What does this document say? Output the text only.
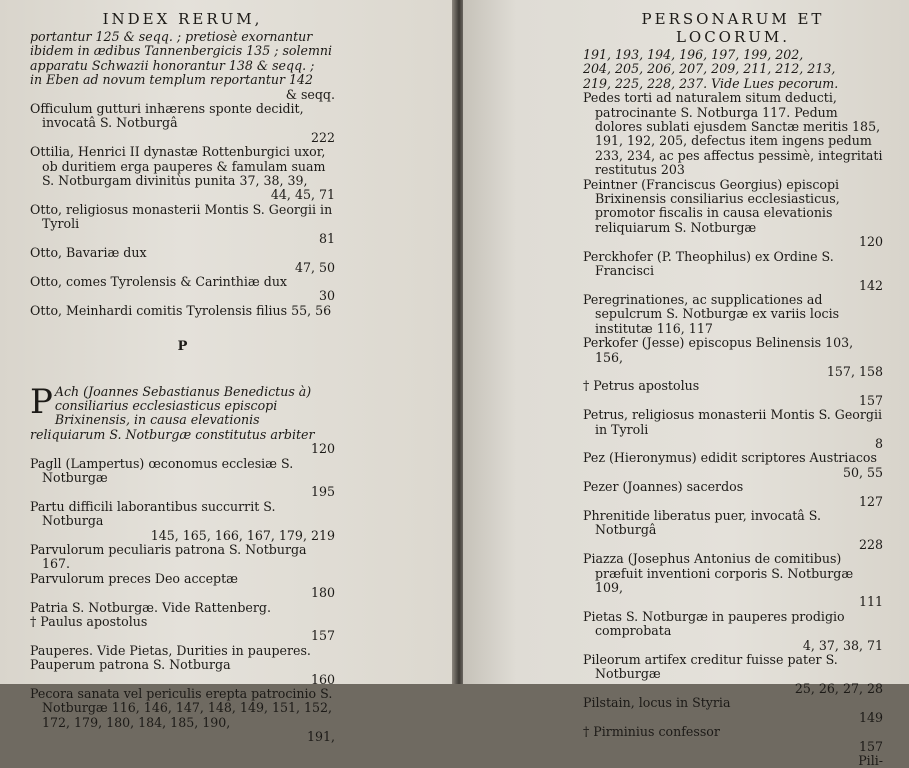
INDEX RERUM,
portantur 125 & seqq. ; pretiosè exornantur
ibidem in ædibus Tannenbergicis 135 ; solemni
apparatu Schwazii honorantur 138 & seqq. ;
in Eben ad novum templum reportantur 142
& seqq.
Officulum gutturi inhærens sponte decidit, invocatâ S. Notburgâ
222
Ottilia, Henrici II dynastæ Rottenburgici uxor, ob duritiem erga pauperes & famulam suam S. Notburgam divinitùs punita 37, 38, 39,
44, 45, 71
Otto, religiosus monasterii Montis S. Georgii in Tyroli
81
Otto, Bavariæ dux
47, 50
Otto, comes Tyrolensis & Carinthiæ dux
30
Otto, Meinhardi comitis Tyrolensis filius 55, 56
P
P Ach (Joannes Sebastianus Benedictus à) consiliarius ecclesiasticus episcopi Brixinensis, in causa elevationis reliquiarum S. Notburgæ constitutus arbiter
120
Pagll (Lampertus) œconomus ecclesiæ S. Notburgæ
195
Partu difficili laborantibus succurrit S. Notburga
145, 165, 166, 167, 179, 219
Parvulorum peculiaris patrona S. Notburga 167.
Parvulorum preces Deo acceptæ
180
Patria S. Notburgæ. Vide Rattenberg.
† Paulus apostolus
157
Pauperes. Vide Pietas, Durities in pauperes.
Pauperum patrona S. Notburga
160
Pecora sanata vel periculis erepta patrocinio S. Notburgæ 116, 146, 147, 148, 149, 151, 152, 172, 179, 180, 184, 185, 190,
191,
PERSONARUM ET LOCORUM.
191, 193, 194, 196, 197, 199, 202,
204, 205, 206, 207, 209, 211, 212, 213,
219, 225, 228, 237. Vide Lues pecorum.
Pedes torti ad naturalem situm deducti, patrocinante S. Notburga 117. Pedum dolores sublati ejusdem Sanctæ meritis 185, 191, 192, 205, defectus item ingens pedum 233, 234, ac pes affectus pessimè, integritati restitutus 203
Peintner (Franciscus Georgius) episcopi Brixinensis consiliarius ecclesiasticus, promotor fiscalis in causa elevationis reliquiarum S. Notburgæ
120
Perckhofer (P. Theophilus) ex Ordine S. Francisci
142
Peregrinationes, ac supplicationes ad sepulcrum S. Notburgæ ex variis locis institutæ 116, 117
Perkofer (Jesse) episcopus Belinensis 103, 156,
157, 158
† Petrus apostolus
157
Petrus, religiosus monasterii Montis S. Georgii in Tyroli
8
Pez (Hieronymus) edidit scriptores Austriacos
50, 55
Pezer (Joannes) sacerdos
127
Phrenitide liberatus puer, invocatâ S. Notburgâ
228
Piazza (Josephus Antonius de comitibus) præfuit inventioni corporis S. Notburgæ 109,
111
Pietas S. Notburgæ in pauperes prodigio comprobata
4, 37, 38, 71
Pileorum artifex creditur fuisse pater S. Notburgæ
25, 26, 27, 28
Pilstain, locus in Styria
149
† Pirminius confessor
157
Pili-
